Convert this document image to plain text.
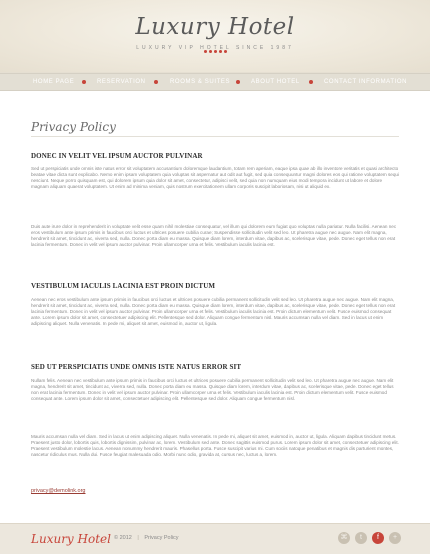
Luxury Hotel
LUXURY VIP HOTEL SINCE 1987
HOME PAGE	RESERVATION	ROOMS & SUITES	ABOUT HOTEL	CONTACT INFORMATION
Privacy Policy
DONEC IN VELIT VEL IPSUM AUCTOR PULVINAR
Sed ut perspiciatis unde omnis iste natus error sit voluptatem accusantium doloremque laudantium, totam rem aperiam, eaque ipsa quae ab illo inventore veritatis et quasi architecto beatae vitae dicta sunt explicabo. Nemo enim ipsam voluptatem quia voluptas sit aspernatur aut odit aut fugit, sed quia consequuntur magni dolores eos qui ratione voluptatem sequi nesciunt. Neque porro quisquam est, qui dolorem ipsum quia dolor sit amet, consectetur, adipisci velit, sed quia non numquam eius modi tempora incidunt ut labore et dolore magnam aliquam quaerat voluptatem. Ut enim ad minima veniam, quis nostrum exercitationem ullam corporis suscipit laboriosam, nisi ut aliquid ex.
Duis aute irure dolor in reprehenderit in voluptate velit esse quam nihil molestiae consequatur, vel illum qui dolorem eum fugiat quo voluptas nulla pariatur. Nulla facilisi. Aenean nec eros vestibulum ante ipsum primis in faucibus orci luctus et ultrices posuere cubilia curae; Suspendisse sollicitudin velit sed leo. Ut pharetra augue nec augue. Nam elit magna, hendrerit sit amet, tincidunt ac, viverra sed, nulla. Donec porta diam eu massa. Quisque diam lorem, interdum vitae, dapibus ac, scelerisque vitae, pede. Donec eget tellus non erat lacinia fermentum. Donec in velit vel ipsum auctor pulvinar. Proin ullamcorper urna et felis. Vestibulum iaculis lacinia est.
VESTIBULUM IACULIS LACINIA EST PROIN DICTUM
Aenean nec eros vestibulum ante ipsum primis in faucibus orci luctus et ultrices posuere cubilia permanent sollicitudin velit sed leo. Ut pharetra augue nec augue. Nam elit magna, hendrerit sit amet, tincidunt ac, viverra sed, nulla. Donec porta diam eu massa. Quisque diam lorem, interdum vitae, dapibus ac, scelerisque vitae, pede. Donec eget tellus non erat lacinia fermentum. Donec in velit vel ipsum auctor pulvinar. Proin ullamcorper urna et felis. Vestibulum iaculis lacinia est. Proin dictum elementum velit. Fusce euismod consequat ante. Lorem ipsum dolor sit amet, consectetuer adipiscing elit. Pellentesque sed dolor. Aliquam congue fermentum nisl. Mauris accumsan nulla vel diam. Sed in lacus ut enim adipiscing aliquet. Nulla venenatis. In pede mi, aliquet sit amet, euismod in, auctor ut, ligula.
SED UT PERSPICIATIS UNDE OMNIS ISTE NATUS ERROR SIT
Nullam felis. Aenean nec vestibulum ante ipsum primis in faucibus orci luctus et ultrices posuere cubilia permanent sollicitudin velit sed leo. Ut pharetra augue nec augue. Nam elit magna, hendrerit sit amet, tincidunt ac, viverra sed, nulla. Donec porta diam eu massa. Quisque diam lorem, interdum vitae, dapibus ac, scelerisque vitae, pede. Donec eget tellus non erat lacinia fermentum. Donec in velit vel ipsum auctor pulvinar. Proin ullamcorper urna et felis. Vestibulum iaculis lacinia est. Proin dictum elementum velit. Fusce euismod consequat ante. Lorem ipsum dolor sit amet, consectetuer adipiscing elit. Pellentesque sed dolor. Aliquam congue fermentum nisl.
Mauris accumsan nulla vel diam. Sed in lacus ut enim adipiscing aliquet. Nulla venenatis. In pede mi, aliquet sit amet, euismod in, auctor ut, ligula. Aliquam dapibus tincidunt metus. Praesent justo dolor, lobortis quis, lobortis dignissim, pulvinar ac, lorem. Vestibulum sed ante. Donec sagittis euismod purus. Lorem ipsum dolor sit amet, consectetuer adipiscing elit. Praesent vestibulum molestie lacus. Aenean nonummy hendrerit mauris. Phasellus porta. Fusce suscipit varius mi. Cum sociis natoque penatibus et magnis dis parturient montes, nascetur ridiculus mus. Nulla dui. Fusce feugiat malesuada odio. Morbi nunc odio, gravida at, cursus nec, luctus a, lorem.
privacy@demolink.org
Luxury Hotel © 2012 | Privacy Policy	⌘	t	f	+
